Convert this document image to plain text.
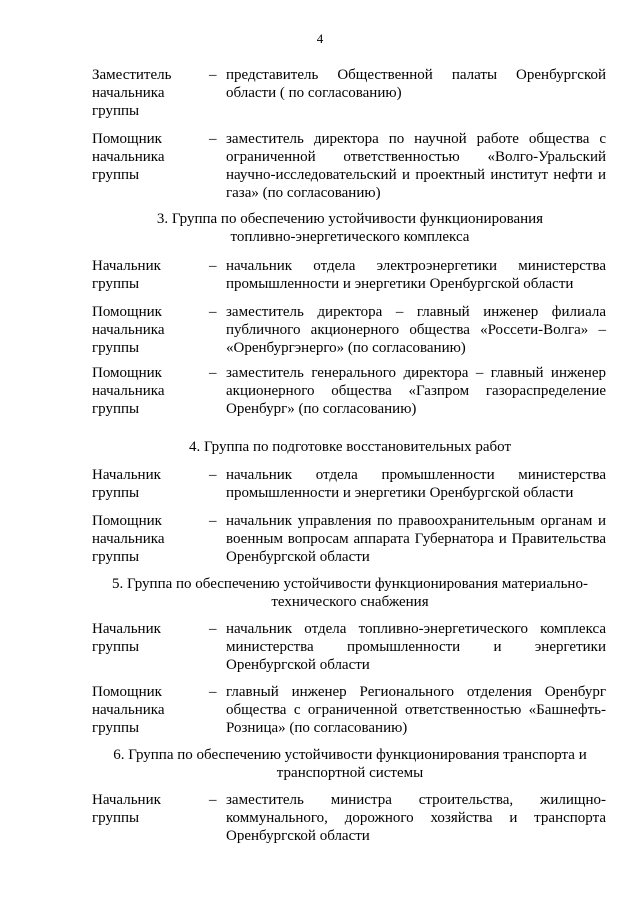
4
Заместитель
начальника
группы
– представитель Общественной палаты Оренбургской области ( по согласованию)
Помощник
начальника
группы
– заместитель директора по научной работе общества с ограниченной ответственностью «Волго-Уральский научно-исследовательский и проектный институт нефти и газа» (по согласованию)
3. Группа по обеспечению устойчивости функционирования
топливно-энергетического комплекса
Начальник
группы
– начальник отдела электроэнергетики министерства промышленности и энергетики Оренбургской области
Помощник
начальника
группы
– заместитель директора – главный инженер филиала публичного акционерного общества «Россети-Волга» – «Оренбургэнерго» (по согласованию)
Помощник
начальника
группы
– заместитель генерального директора – главный инженер акционерного общества «Газпром газораспределение Оренбург» (по согласованию)
4. Группа по подготовке восстановительных работ
Начальник
группы
– начальник отдела промышленности министерства промышленности и энергетики Оренбургской области
Помощник
начальника
группы
– начальник управления по правоохранительным органам и военным вопросам аппарата Губернатора и Правительства Оренбургской области
5. Группа по обеспечению устойчивости функционирования материально-
технического снабжения
Начальник
группы
– начальник отдела топливно-энергетического комплекса министерства промышленности и энергетики Оренбургской области
Помощник
начальника
группы
– главный инженер Регионального отделения Оренбург общества с ограниченной ответственностью «Башнефть-Розница» (по согласованию)
6. Группа по обеспечению устойчивости функционирования транспорта и
транспортной системы
Начальник
группы
– заместитель министра строительства, жилищно-коммунального, дорожного хозяйства и транспорта Оренбургской области
